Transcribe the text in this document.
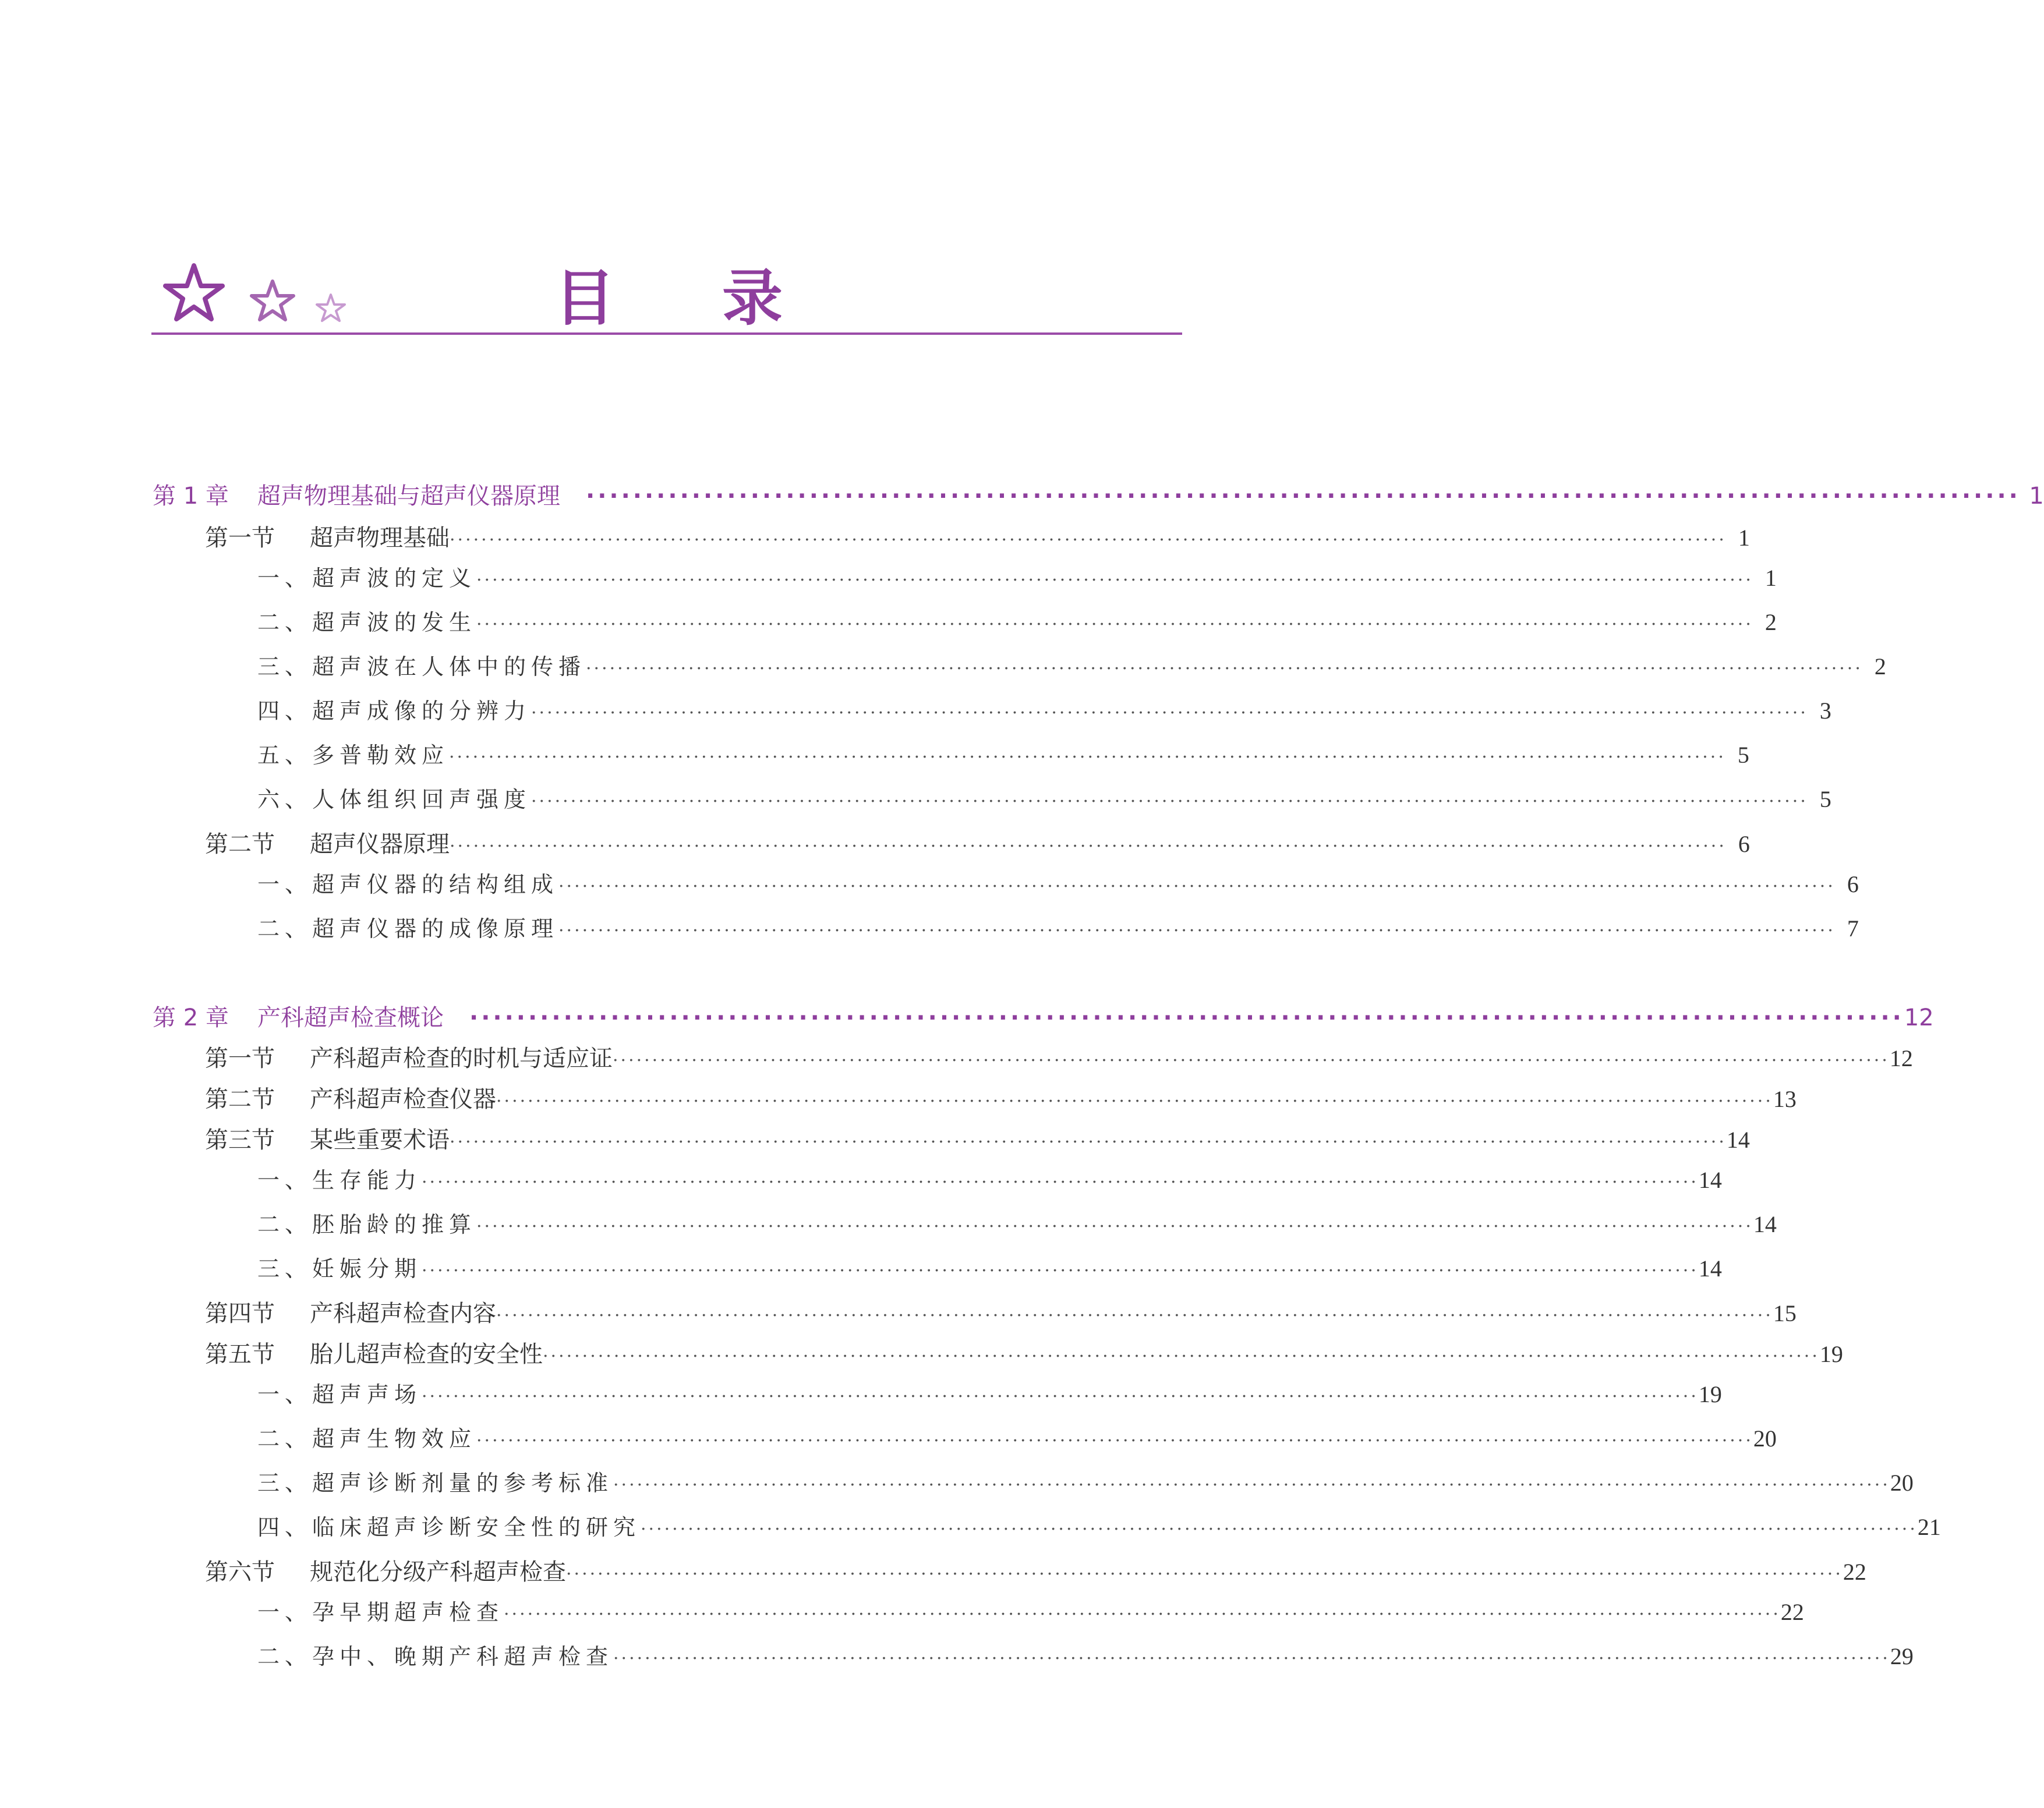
目 录
第 1 章 超声物理基础与超声仪器原理 ·························································································································· 1
第一节 超声物理基础 ·································································································································································· 1
一、超声波的定义 ·································································································································································· 1
二、超声波的发生 ·································································································································································· 2
三、超声波在人体中的传播 ·································································································································································· 2
四、超声成像的分辨力 ·································································································································································· 3
五、多普勒效应 ·································································································································································· 5
六、人体组织回声强度 ·································································································································································· 5
第二节 超声仪器原理 ·································································································································································· 6
一、超声仪器的结构组成 ·································································································································································· 6
二、超声仪器的成像原理 ·································································································································································· 7
第 2 章 产科超声检查概论 ·························································································································· 12
第一节 产科超声检查的时机与适应证 ·································································································································································· 12
第二节 产科超声检查仪器 ·································································································································································· 13
第三节 某些重要术语 ·································································································································································· 14
一、生存能力 ·································································································································································· 14
二、胚胎龄的推算 ·································································································································································· 14
三、妊娠分期 ·································································································································································· 14
第四节 产科超声检查内容 ·································································································································································· 15
第五节 胎儿超声检查的安全性 ·································································································································································· 19
一、超声声场 ·································································································································································· 19
二、超声生物效应 ·································································································································································· 20
三、超声诊断剂量的参考标准 ·································································································································································· 20
四、临床超声诊断安全性的研究 ·································································································································································· 21
第六节 规范化分级产科超声检查 ·································································································································································· 22
一、孕早期超声检查 ·································································································································································· 22
二、孕中、晚期产科超声检查 ·································································································································································· 29
